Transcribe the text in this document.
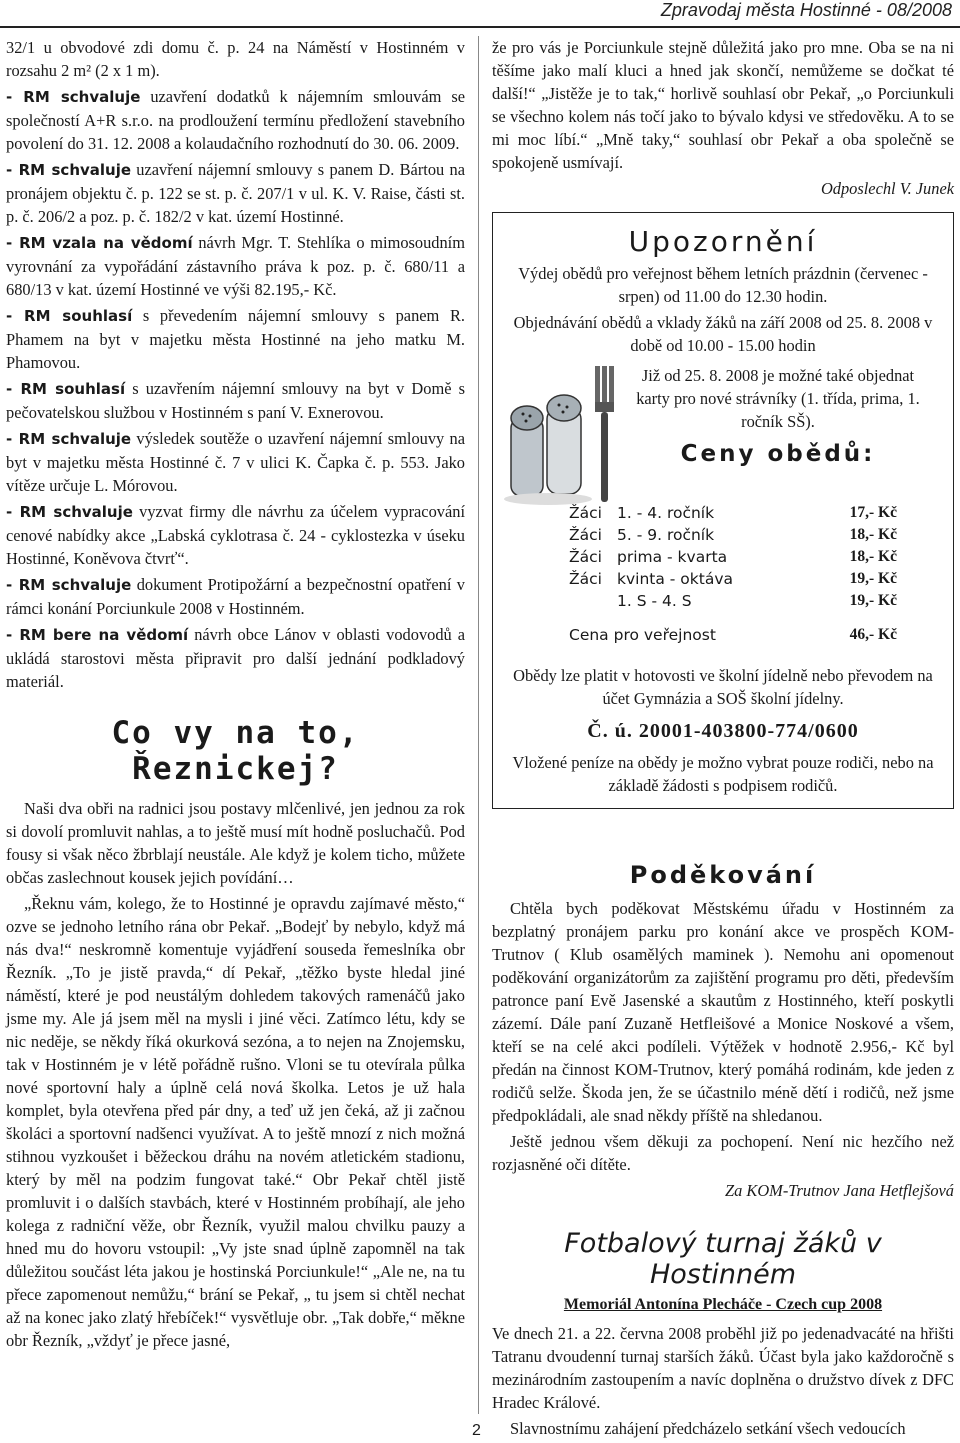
Zpravodaj města Hostinné - 08/2008

32/1 u obvodové zdi domu č. p. 24 na Náměstí v Hostinném v rozsahu 2 m² (2 x 1 m).

- RM schvaluje uzavření dodatků k nájemním smlouvám se společností A+R s.r.o. na prodloužení termínu předložení stavebního povolení do 31. 12. 2008 a kolaudačního rozhodnutí do 30. 06. 2009.

- RM schvaluje uzavření nájemní smlouvy s panem D. Bártou na pronájem objektu č. p. 122 se st. p. č. 207/1 v ul. K. V. Raise, části st. p. č. 206/2 a poz. p. č. 182/2 v kat. území Hostinné.

- RM vzala na vědomí návrh Mgr. T. Stehlíka o mimosoudním vyrovnání za vypořádání zástavního práva k poz. p. č. 680/11 a 680/13 v kat. území Hostinné ve výši 82.195,- Kč.

- RM souhlasí s převedením nájemní smlouvy s panem R. Phamem na byt v majetku města Hostinné na jeho matku M. Phamovou.

- RM souhlasí s uzavřením nájemní smlouvy na byt v Domě s pečovatelskou službou v Hostinném s paní V. Exnerovou.

- RM schvaluje výsledek soutěže o uzavření nájemní smlouvy na byt v majetku města Hostinné č. 7 v ulici K. Čapka č. p. 553. Jako vítěze určuje L. Mórovou.

- RM schvaluje vyzvat firmy dle návrhu za účelem vypracování cenové nabídky akce „Labská cyklotrasa č. 24 - cyklostezka v úseku Hostinné, Koněvova čtvrť“.

- RM schvaluje dokument Protipožární a bezpečnostní opatření v rámci konání Porciunkule 2008 v Hostinném.

- RM bere na vědomí návrh obce Lánov v oblasti vodovodů a ukládá starostovi města připravit pro další jednání podkladový materiál.

Co vy na to, Řeznickej?

Naši dva obři na radnici jsou postavy mlčenlivé, jen jednou za rok si dovolí promluvit nahlas, a to ještě musí mít hodně posluchačů. Pod fousy si však něco žbrblají neustále. Ale když je kolem ticho, můžete občas zaslechnout kousek jejich povídání…

„Řeknu vám, kolego, že to Hostinné je opravdu zajímavé město,“ ozve se jednoho letního rána obr Pekař. „Bodejť by nebylo, když má nás dva!“ neskromně komentuje vyjádření souseda řemeslníka obr Řezník. „To je jistě pravda,“ dí Pekař, „těžko byste hledal jiné náměstí, které je pod neustálým dohledem takových ramenáčů jako jsme my. Ale já jsem měl na mysli i jiné věci. Zatímco létu, kdy se nic neděje, se někdy říká okurková sezóna, a to nejen na Znojemsku, tak v Hostinném je v létě pořádně rušno. Vloni se tu otevírala půlka nové sportovní haly a úplně celá nová školka. Letos je už hala komplet, byla otevřena před pár dny, a teď už jen čeká, až ji začnou školáci a sportovní nadšenci využívat. A to ještě mnozí z nich možná stihnou vyzkoušet i běžeckou dráhu na novém atletickém stadionu, který by měl na podzim fungovat také.“ Obr Pekař chtěl jistě promluvit i o dalších stavbách, které v Hostinném probíhají, ale jeho kolega z radniční věže, obr Řezník, využil malou chvilku pauzy a hned mu do hovoru vstoupil: „Vy jste snad úplně zapomněl na tak důležitou součást léta jakou je hostinská Porciunkule!“ „Ale ne, na tu přece zapomenout nemůžu,“ brání se Pekař, „ tu jsem si chtěl nechat až na konec jako zlatý hřebíček!“ vysvětluje obr. „Tak dobře,“ měkne obr Řezník, „vždyť je přece jasné,

že pro vás je Porciunkule stejně důležitá jako pro mne. Oba se na ni těšíme jako malí kluci a hned jak skončí, nemůžeme se dočkat té další!“ „Jistěže je to tak,“ horlivě souhlasí obr Pekař, „o Porciunkuli se všechno kolem nás točí jako to bývalo kdysi ve středověku. A to se mi moc líbí.“ „Mně taky,“ souhlasí obr Pekař a oba společně se spokojeně usmívají.

Odposlechl V. Junek

Upozornění

Výdej obědů pro veřejnost během letních prázdnin (červenec - srpen) od 11.00 do 12.30 hodin.

Objednávání obědů a vklady žáků na září 2008 od 25. 8. 2008 v době od 10.00 - 15.00 hodin

Již od 25. 8. 2008 je možné také objednat karty pro nové strávníky (1. třída, prima, 1. ročník SŠ).

Ceny obědů:
Žáci 1. - 4. ročník	17,- Kč
Žáci 5. - 9. ročník	18,- Kč
Žáci prima - kvarta	18,- Kč
Žáci kvinta - oktáva	19,- Kč
1. S - 4. S	19,- Kč
Cena pro veřejnost	46,- Kč

Obědy lze platit v hotovosti ve školní jídelně nebo převodem na účet Gymnázia a SOŠ školní jídelny.

Č. ú. 20001-403800-774/0600

Vložené peníze na obědy je možno vybrat pouze rodiči, nebo na základě žádosti s podpisem rodičů.

Poděkování

Chtěla bych poděkovat Městskému úřadu v Hostinném za bezplatný pronájem parku pro konání akce ve prospěch KOM-Trutnov ( Klub osamělých maminek ). Nemohu ani opomenout poděkování organizátorům za zajištění programu pro děti, především patronce paní Evě Jasenské a skautům z Hostinného, kteří poskytli zázemí. Dále paní Zuzaně Hetfleišové a Monice Noskové a všem, kteří se na celé akci podíleli. Výtěžek v hodnotě 2.956,- Kč byl předán na činnost KOM-Trutnov, který pomáhá rodinám, kde jeden z rodičů selže. Škoda jen, že se účastnilo méně dětí i rodičů, než jsme předpokládali, ale snad někdy příště na shledanou.

Ještě jednou všem děkuji za pochopení. Není nic hezčího než rozjasněné oči dítěte.

Za KOM-Trutnov Jana Hetflejšová

Fotbalový turnaj žáků v Hostinném
Memoriál Antonína Plecháče - Czech cup 2008

Ve dnech 21. a 22. června 2008 proběhl již po jedenadvacáté na hřišti Tatranu dvoudenní turnaj starších žáků. Účast byla jako každoročně s mezinárodním zastoupením a navíc doplněna o družstvo dívek z DFC Hradec Králové.

Slavnostnímu zahájení předcházelo setkání všech vedoucích

2
